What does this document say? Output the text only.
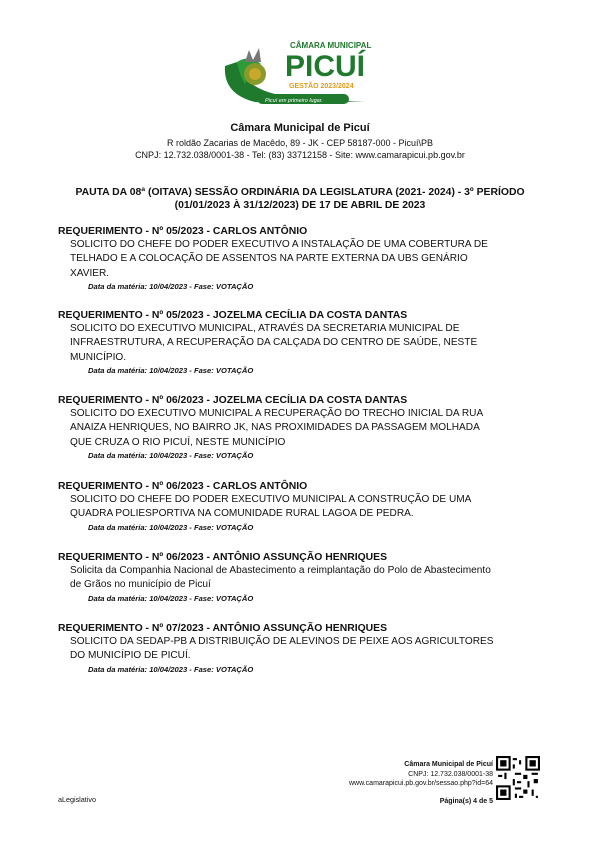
CÂMARA MUNICIPAL
PICUÍ
GESTÃO 2023/2024
Picuí em primeiro lugar.
Câmara Municipal de Picuí
R roldão Zacarias de Macêdo, 89 - JK - CEP 58187-000 - Picuí\PB
CNPJ: 12.732.038/0001-38 - Tel: (83) 33712158 - Site: www.camarapicui.pb.gov.br
PAUTA DA 08ª (OITAVA) SESSÃO ORDINÁRIA DA LEGISLATURA (2021- 2024) - 3º PERÍODO
(01/01/2023 À 31/12/2023) DE 17 DE ABRIL DE 2023
REQUERIMENTO - Nº 05/2023 - CARLOS ANTÔNIO
SOLICITO DO CHEFE DO PODER EXECUTIVO A INSTALAÇÃO DE UMA COBERTURA DE
TELHADO E A COLOCAÇÃO DE ASSENTOS NA PARTE EXTERNA DA UBS GENÁRIO
XAVIER.
Data da matéria: 10/04/2023 - Fase: VOTAÇÃO
REQUERIMENTO - Nº 05/2023 - JOZELMA CECÍLIA DA COSTA DANTAS
SOLICITO DO EXECUTIVO MUNICIPAL, ATRAVÉS DA SECRETARIA MUNICIPAL DE
INFRAESTRUTURA, A RECUPERAÇÃO DA CALÇADA DO CENTRO DE SAÚDE, NESTE
MUNICÍPIO.
Data da matéria: 10/04/2023 - Fase: VOTAÇÃO
REQUERIMENTO - Nº 06/2023 - JOZELMA CECÍLIA DA COSTA DANTAS
SOLICITO DO EXECUTIVO MUNICIPAL A RECUPERAÇÃO DO TRECHO INICIAL DA RUA
ANAIZA HENRIQUES, NO BAIRRO JK, NAS PROXIMIDADES DA PASSAGEM MOLHADA
QUE CRUZA O RIO PICUÍ, NESTE MUNICÍPIO
Data da matéria: 10/04/2023 - Fase: VOTAÇÃO
REQUERIMENTO - Nº 06/2023 - CARLOS ANTÔNIO
SOLICITO DO CHEFE DO PODER EXECUTIVO MUNICIPAL A CONSTRUÇÃO DE UMA
QUADRA POLIESPORTIVA NA COMUNIDADE RURAL LAGOA DE PEDRA.
Data da matéria: 10/04/2023 - Fase: VOTAÇÃO
REQUERIMENTO - Nº 06/2023 - ANTÔNIO ASSUNÇÃO HENRIQUES
Solicita da Companhia Nacional de Abastecimento a reimplantação do Polo de Abastecimento
de Grãos no município de Picuí
Data da matéria: 10/04/2023 - Fase: VOTAÇÃO
REQUERIMENTO - Nº 07/2023 - ANTÔNIO ASSUNÇÃO HENRIQUES
SOLICITO DA SEDAP-PB A DISTRIBUIÇÃO DE ALEVINOS DE PEIXE AOS AGRICULTORES
DO MUNICÍPIO DE PICUÍ.
Data da matéria: 10/04/2023 - Fase: VOTAÇÃO
aLegislativo
Câmara Municipal de Picuí
CNPJ: 12.732.038/0001-38
www.camarapicui.pb.gov.br/sessao.php?id=64
Página(s) 4 de 5
